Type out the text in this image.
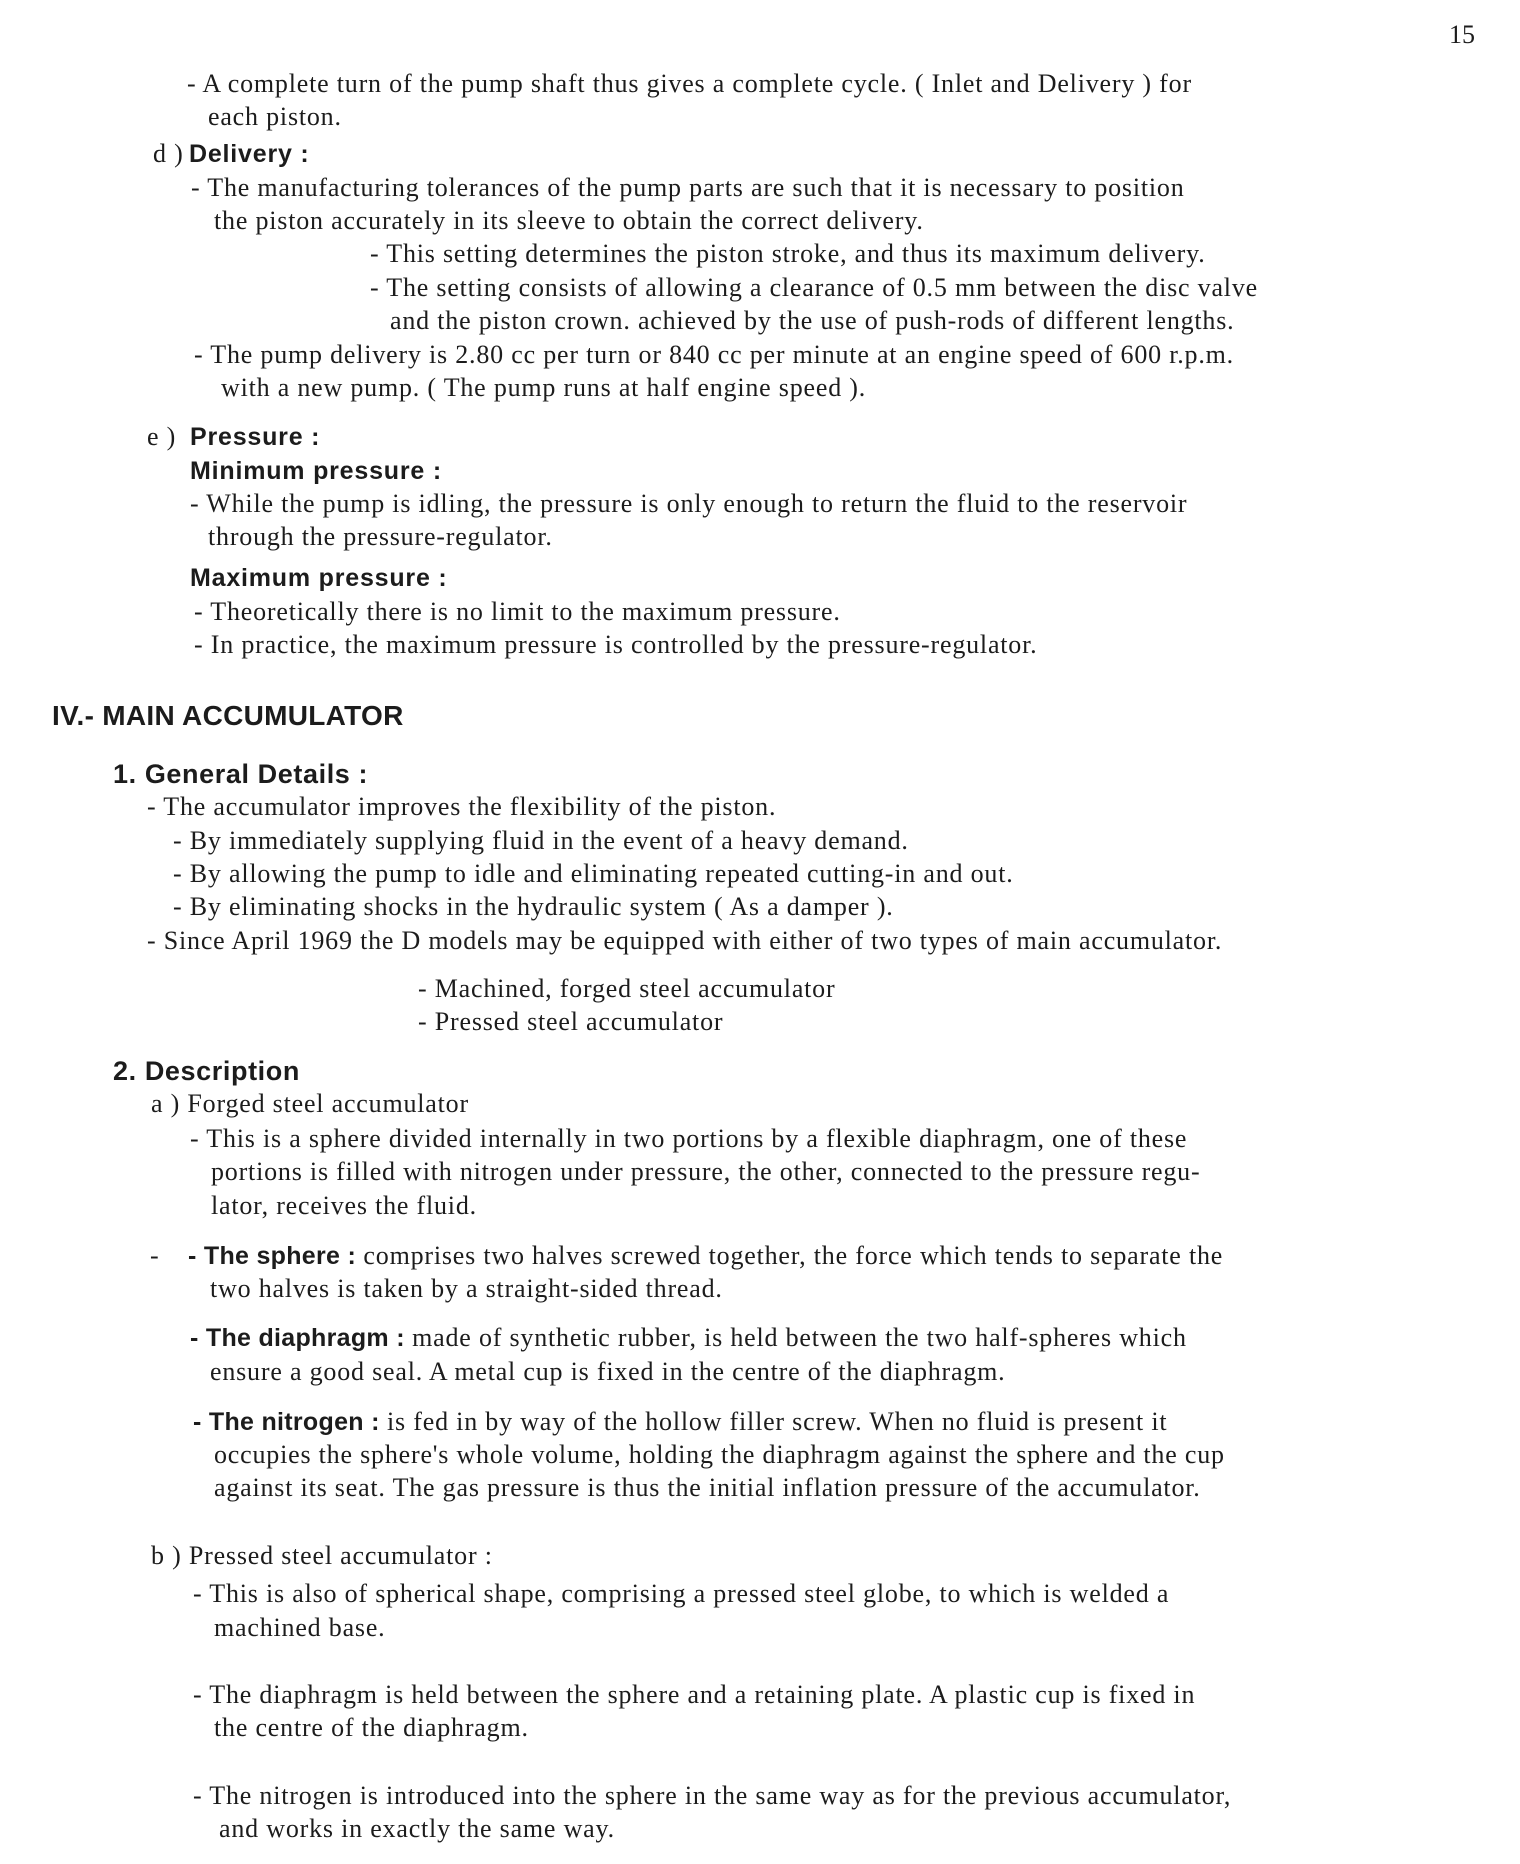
15
- A complete turn of the pump shaft thus gives a complete cycle. ( Inlet and Delivery ) for
each piston.
d ) Delivery :
- The manufacturing tolerances of the pump parts are such that it is necessary to position
the piston accurately in its sleeve to obtain the correct delivery.
- This setting determines the piston stroke, and thus its maximum delivery.
- The setting consists of allowing a clearance of 0.5 mm between the disc valve
and the piston crown. achieved by the use of push-rods of different lengths.
- The pump delivery is 2.80 cc per turn or 840 cc per minute at an engine speed of 600 r.p.m.
with a new pump. ( The pump runs at half engine speed ).
e ) Pressure :
Minimum pressure :
- While the pump is idling, the pressure is only enough to return the fluid to the reservoir
through the pressure-regulator.
Maximum pressure :
- Theoretically there is no limit to the maximum pressure.
- In practice, the maximum pressure is controlled by the pressure-regulator.
IV.- MAIN ACCUMULATOR
1. General Details :
- The accumulator improves the flexibility of the piston.
- By immediately supplying fluid in the event of a heavy demand.
- By allowing the pump to idle and eliminating repeated cutting-in and out.
- By eliminating shocks in the hydraulic system ( As a damper ).
- Since April 1969 the D models may be equipped with either of two types of main accumulator.
- Machined, forged steel accumulator
- Pressed steel accumulator
2. Description
a ) Forged steel accumulator
- This is a sphere divided internally in two portions by a flexible diaphragm, one of these
portions is filled with nitrogen under pressure, the other, connected to the pressure regu-
lator, receives the fluid.
- - The sphere : comprises two halves screwed together, the force which tends to separate the
two halves is taken by a straight-sided thread.
- The diaphragm : made of synthetic rubber, is held between the two half-spheres which
ensure a good seal. A metal cup is fixed in the centre of the diaphragm.
- The nitrogen : is fed in by way of the hollow filler screw. When no fluid is present it
occupies the sphere's whole volume, holding the diaphragm against the sphere and the cup
against its seat. The gas pressure is thus the initial inflation pressure of the accumulator.
b ) Pressed steel accumulator :
- This is also of spherical shape, comprising a pressed steel globe, to which is welded a
machined base.
- The diaphragm is held between the sphere and a retaining plate. A plastic cup is fixed in
the centre of the diaphragm.
- The nitrogen is introduced into the sphere in the same way as for the previous accumulator,
and works in exactly the same way.
